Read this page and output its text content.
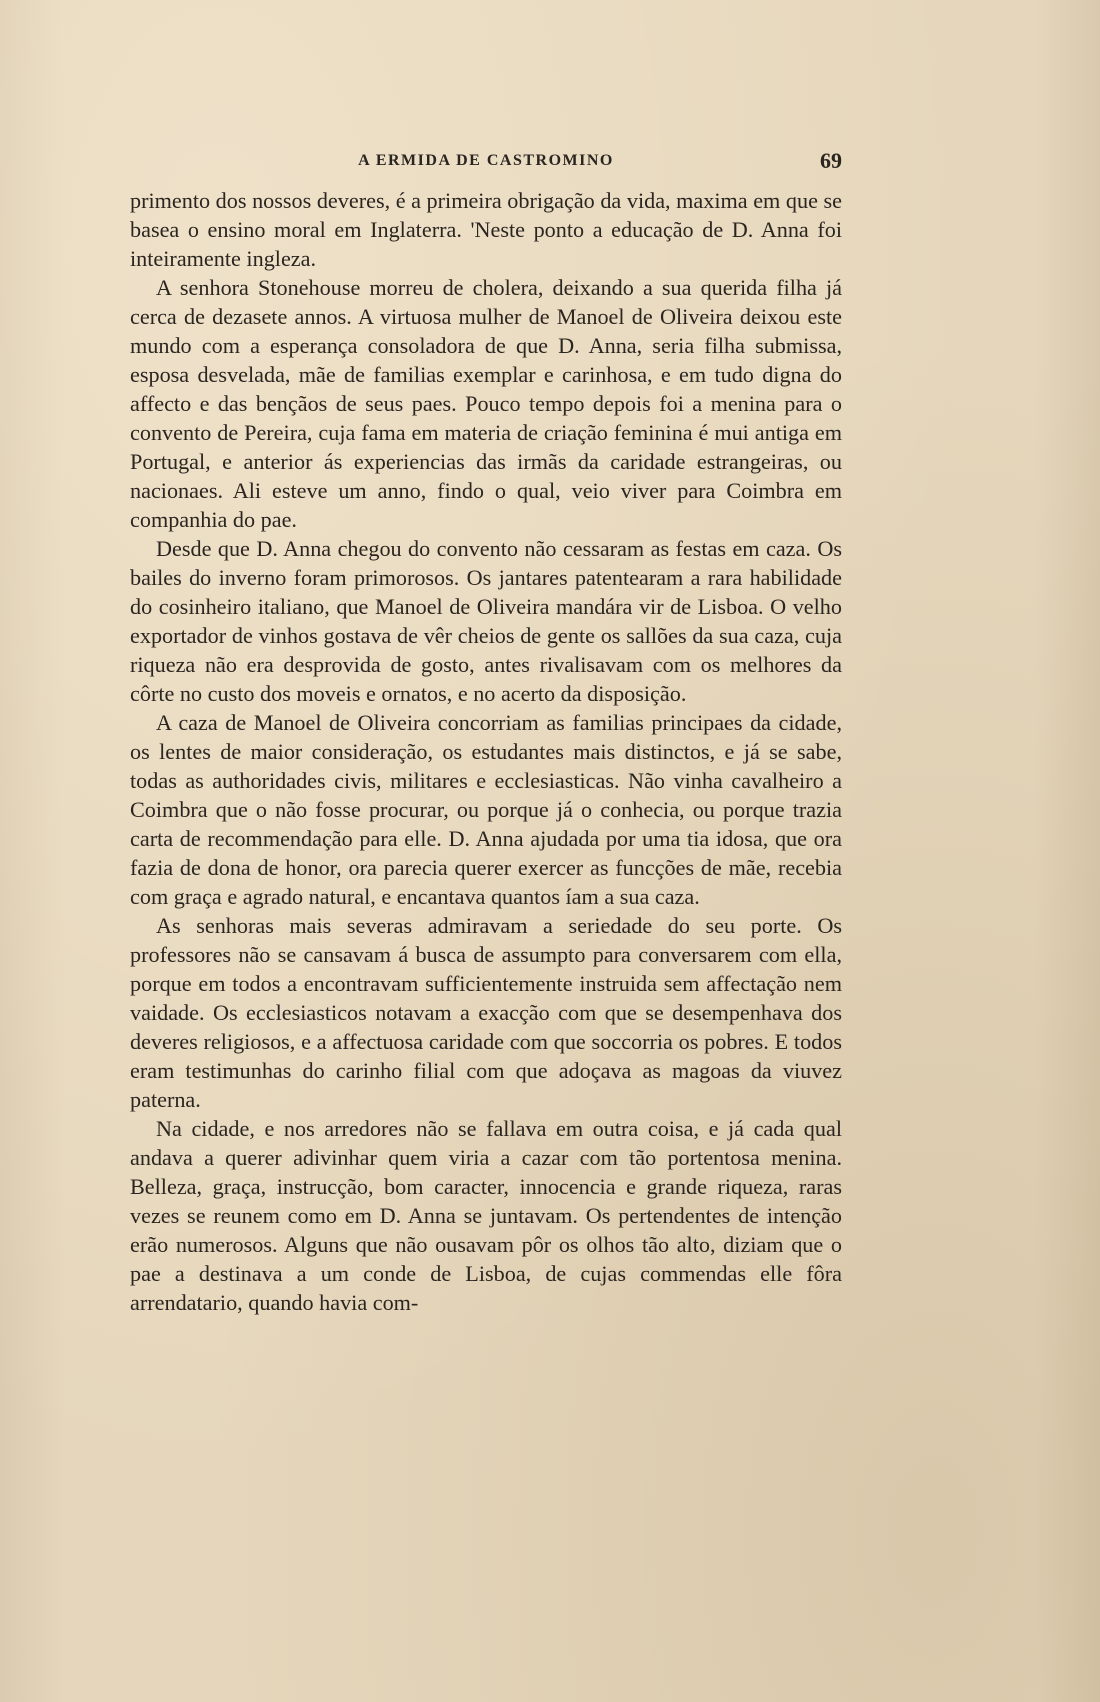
A ERMIDA DE CASTROMINO	69

primento dos nossos deveres, é a primeira obrigação da vida, maxima em que se basea o ensino moral em Inglaterra. 'Neste ponto a educação de D. Anna foi inteiramente ingleza.

A senhora Stonehouse morreu de cholera, deixando a sua querida filha já cerca de dezasete annos. A virtuosa mulher de Manoel de Oliveira deixou este mundo com a esperança consoladora de que D. Anna, seria filha submissa, esposa desvelada, mãe de familias exemplar e carinhosa, e em tudo digna do affecto e das bençãos de seus paes. Pouco tempo depois foi a menina para o convento de Pereira, cuja fama em materia de criação feminina é mui antiga em Portugal, e anterior ás experiencias das irmãs da caridade estrangeiras, ou nacionaes. Ali esteve um anno, findo o qual, veio viver para Coimbra em companhia do pae.

Desde que D. Anna chegou do convento não cessaram as festas em caza. Os bailes do inverno foram primorosos. Os jantares patentearam a rara habilidade do cosinheiro italiano, que Manoel de Oliveira mandára vir de Lisboa. O velho exportador de vinhos gostava de vêr cheios de gente os sallões da sua caza, cuja riqueza não era desprovida de gosto, antes rivalisavam com os melhores da côrte no custo dos moveis e ornatos, e no acerto da disposição.

A caza de Manoel de Oliveira concorriam as familias principaes da cidade, os lentes de maior consideração, os estudantes mais distinctos, e já se sabe, todas as authoridades civis, militares e ecclesiasticas. Não vinha cavalheiro a Coimbra que o não fosse procurar, ou porque já o conhecia, ou porque trazia carta de recommendação para elle. D. Anna ajudada por uma tia idosa, que ora fazia de dona de honor, ora parecia querer exercer as funcções de mãe, recebia com graça e agrado natural, e encantava quantos íam a sua caza.

As senhoras mais severas admiravam a seriedade do seu porte. Os professores não se cansavam á busca de assumpto para conversarem com ella, porque em todos a encontravam sufficientemente instruida sem affectação nem vaidade. Os ecclesiasticos notavam a exacção com que se desempenhava dos deveres religiosos, e a affectuosa caridade com que soccorria os pobres. E todos eram testimunhas do carinho filial com que adoçava as magoas da viuvez paterna.

Na cidade, e nos arredores não se fallava em outra coisa, e já cada qual andava a querer adivinhar quem viria a cazar com tão portentosa menina. Belleza, graça, instrucção, bom caracter, innocencia e grande riqueza, raras vezes se reunem como em D. Anna se juntavam. Os pertendentes de intenção erão numerosos. Alguns que não ousavam pôr os olhos tão alto, diziam que o pae a destinava a um conde de Lisboa, de cujas commendas elle fôra arrendatario, quando havia com-
